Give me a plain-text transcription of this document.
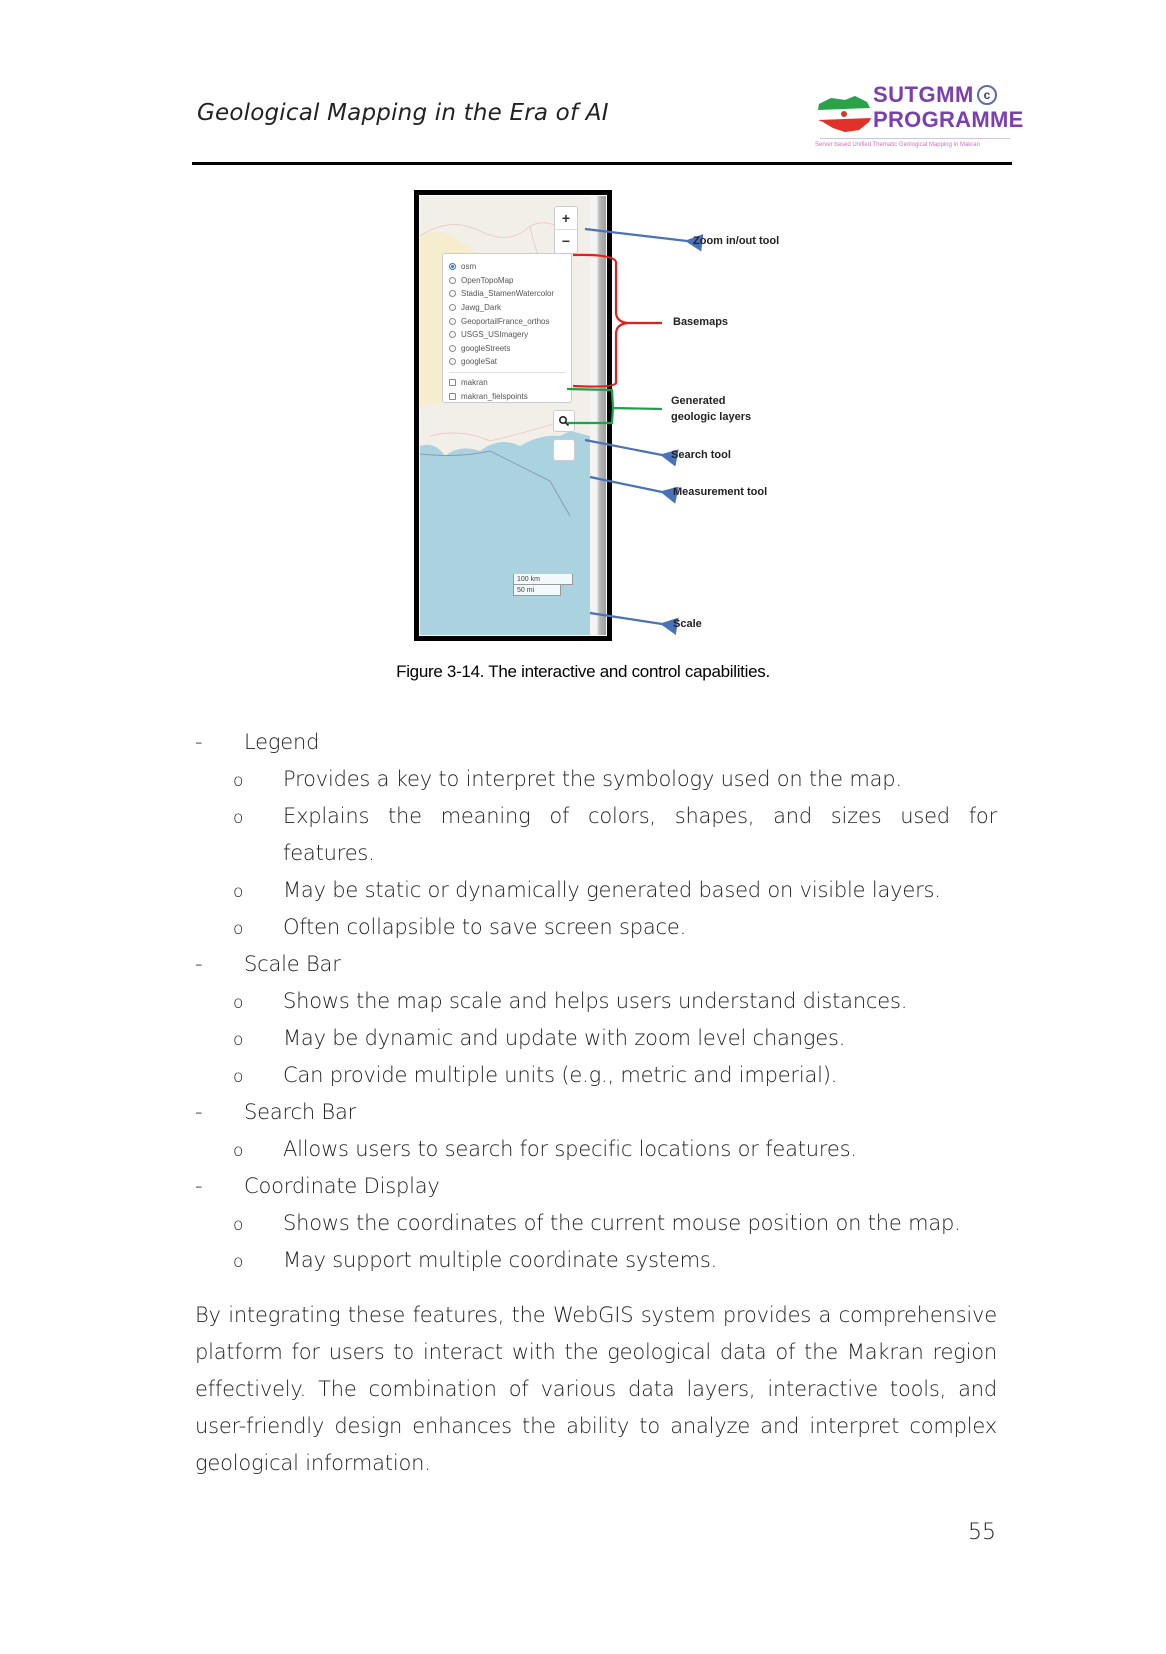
Geological Mapping in the Era of AI
SUTGMM c
PROGRAMME
Server based Unified Thematic Geological Mapping in Makran
+
−
osm
OpenTopoMap
Stadia_StamenWatercolor
Jawg_Dark
GeoportailFrance_orthos
USGS_USImagery
googleStreets
googleSat
makran
makran_fielspoints
100 km
50 mi
Zoom in/out tool
Basemaps
Generated
geologic layers
Search tool
Measurement tool
Scale
Figure 3-14. The interactive and control capabilities.
- Legend
o Provides a key to interpret the symbology used on the map.
o Explains the meaning of colors, shapes, and sizes used for
features.
o May be static or dynamically generated based on visible layers.
o Often collapsible to save screen space.
- Scale Bar
o Shows the map scale and helps users understand distances.
o May be dynamic and update with zoom level changes.
o Can provide multiple units (e.g., metric and imperial).
- Search Bar
o Allows users to search for specific locations or features.
- Coordinate Display
o Shows the coordinates of the current mouse position on the map.
o May support multiple coordinate systems.
By integrating these features, the WebGIS system provides a comprehensive platform for users to interact with the geological data of the Makran region effectively. The combination of various data layers, interactive tools, and user-friendly design enhances the ability to analyze and interpret complex geological information.
55
